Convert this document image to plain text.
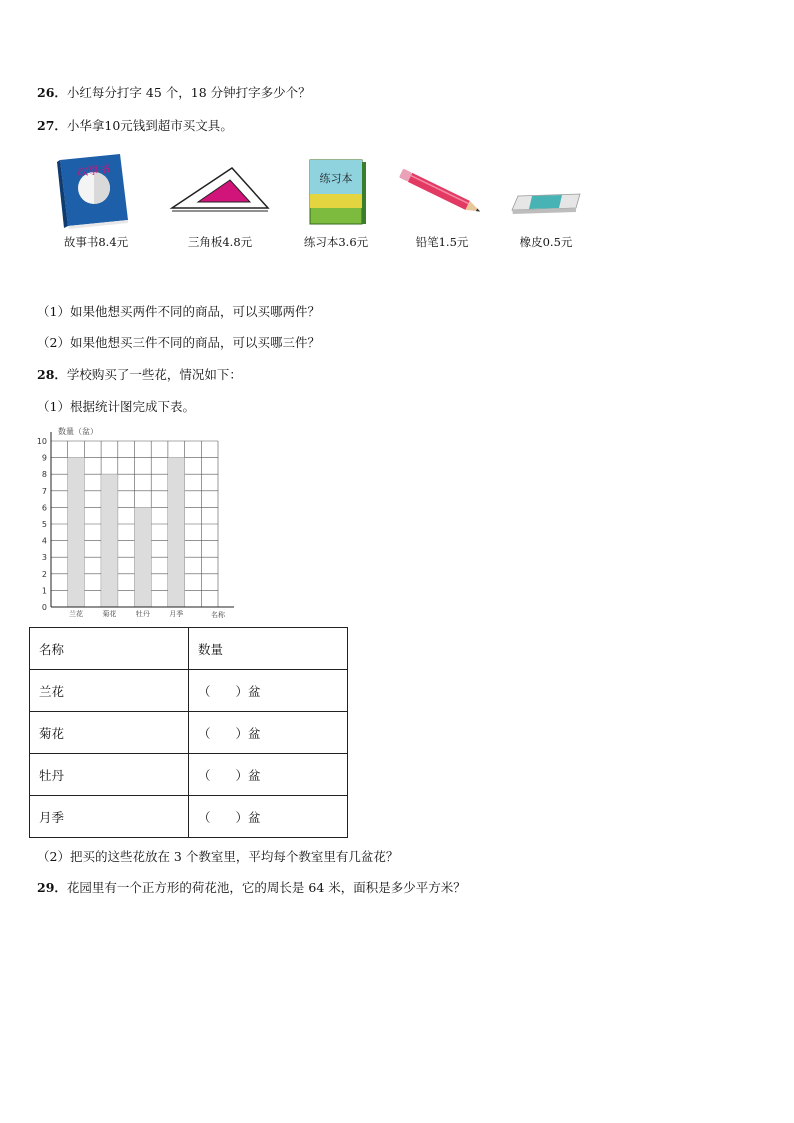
26．小红每分打字 45 个，18 分钟打字多少个？
27．小华拿10元钱到超市买文具。
故事书
故事书8.4元	三角板4.8元
练习本
练习本3.6元	铅笔1.5元	橡皮0.5元
（1）如果他想买两件不同的商品，可以买哪两件？
（2）如果他想买三件不同的商品，可以买哪三件？
28．学校购买了一些花，情况如下：
（1）根据统计图完成下表。
兰花	菊花	牡丹	月季
0
1
2
3
4
5
6
7
8
9
10
数量（盆）
名称
名称	数量
兰花	（　　）盆
菊花	（　　）盆
牡丹	（　　）盆
月季	（　　）盆
（2）把买的这些花放在 3 个教室里，平均每个教室里有几盆花？
29．花园里有一个正方形的荷花池，它的周长是 64 米，面积是多少平方米？
